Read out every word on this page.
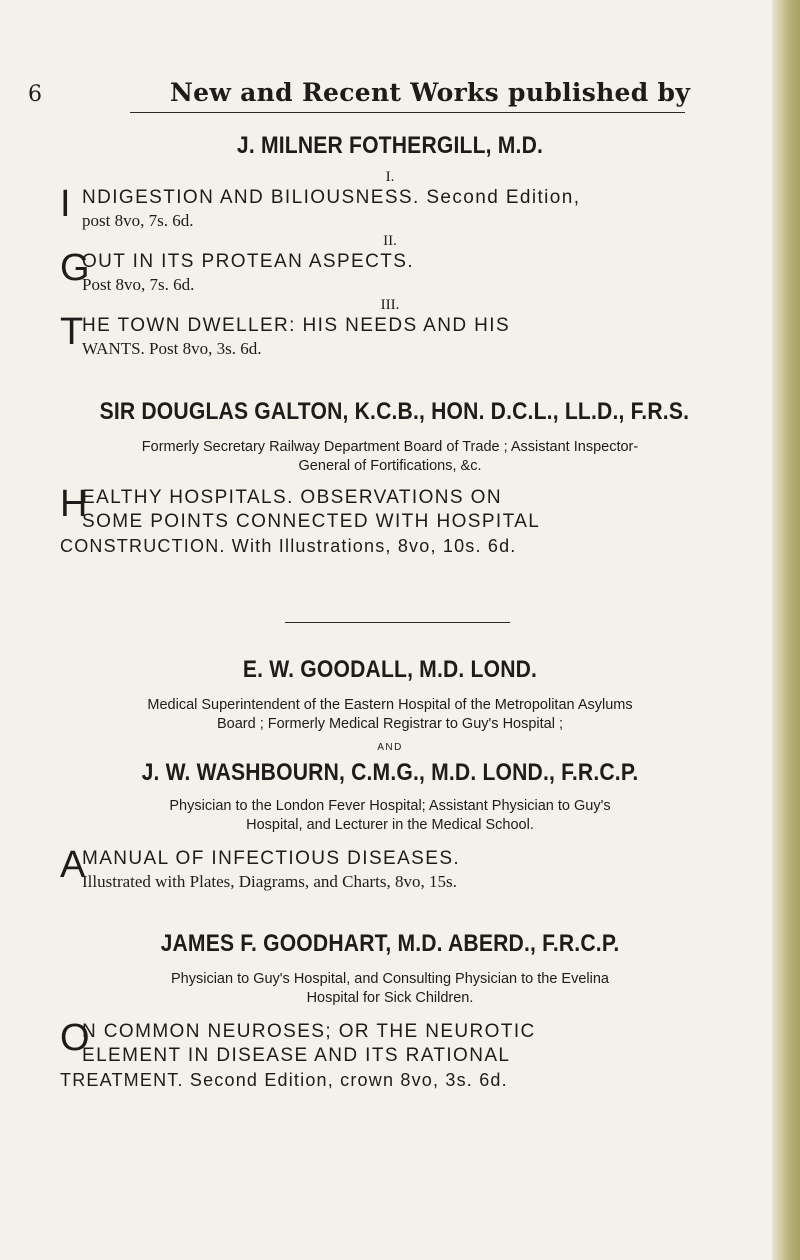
6	New and Recent Works published by
J. MILNER FOTHERGILL, M.D.
I.
I NDIGESTION AND BILIOUSNESS. Second Edition,
post 8vo, 7s. 6d.
II.
G
OUT IN ITS PROTEAN ASPECTS.
Post 8vo, 7s. 6d.
III.
T
HE TOWN DWELLER: HIS NEEDS AND HIS
WANTS. Post 8vo, 3s. 6d.
SIR DOUGLAS GALTON, K.C.B., HON. D.C.L., LL.D., F.R.S.
Formerly Secretary Railway Department Board of Trade ; Assistant Inspector-
General of Fortifications, &c.
H
EALTHY HOSPITALS. OBSERVATIONS ON
SOME POINTS CONNECTED WITH HOSPITAL
CONSTRUCTION. With Illustrations, 8vo, 10s. 6d.
E. W. GOODALL, M.D. LOND.
Medical Superintendent of the Eastern Hospital of the Metropolitan Asylums
Board ; Formerly Medical Registrar to Guy's Hospital ;
AND
J. W. WASHBOURN, C.M.G., M.D. LOND., F.R.C.P.
Physician to the London Fever Hospital; Assistant Physician to Guy's
Hospital, and Lecturer in the Medical School.
A
MANUAL OF INFECTIOUS DISEASES.
Illustrated with Plates, Diagrams, and Charts, 8vo, 15s.
JAMES F. GOODHART, M.D. ABERD., F.R.C.P.
Physician to Guy's Hospital, and Consulting Physician to the Evelina
Hospital for Sick Children.
O
N COMMON NEUROSES; OR THE NEUROTIC
ELEMENT IN DISEASE AND ITS RATIONAL
TREATMENT. Second Edition, crown 8vo, 3s. 6d.
